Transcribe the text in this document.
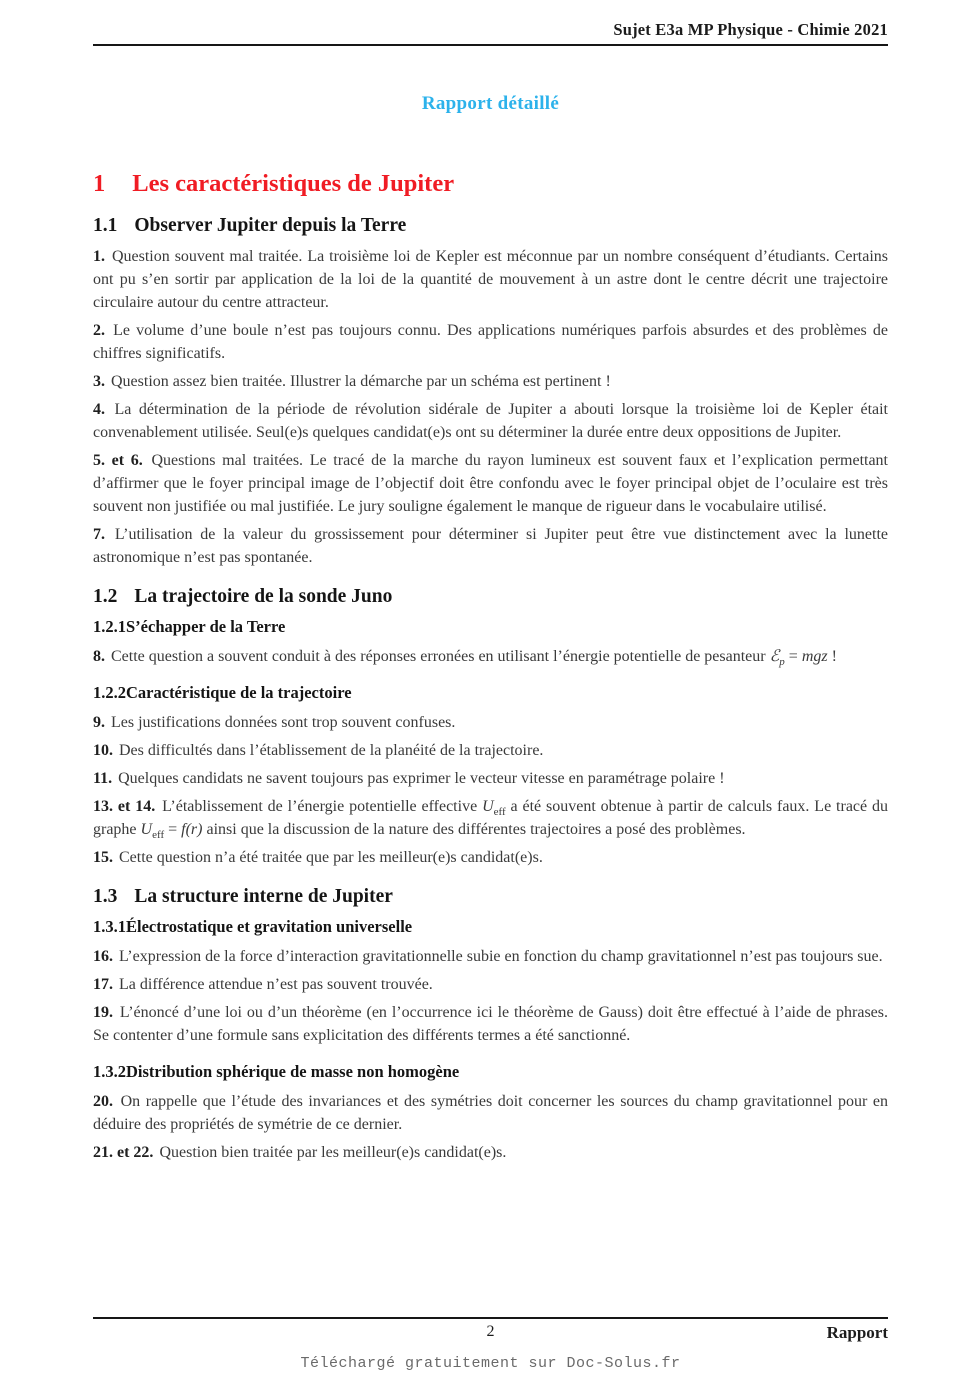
Sujet E3a MP Physique - Chimie 2021
Rapport détaillé
1 Les caractéristiques de Jupiter
1.1 Observer Jupiter depuis la Terre

1. Question souvent mal traitée. La troisième loi de Kepler est méconnue par un nombre conséquent d’étudiants. Certains ont pu s’en sortir par application de la loi de la quantité de mouvement à un astre dont le centre décrit une trajectoire circulaire autour du centre attracteur.

2. Le volume d’une boule n’est pas toujours connu. Des applications numériques parfois absurdes et des problèmes de chiffres significatifs.

3. Question assez bien traitée. Illustrer la démarche par un schéma est pertinent !

4. La détermination de la période de révolution sidérale de Jupiter a abouti lorsque la troisième loi de Kepler était convenablement utilisée. Seul(e)s quelques candidat(e)s ont su déterminer la durée entre deux oppositions de Jupiter.

5. et 6. Questions mal traitées. Le tracé de la marche du rayon lumineux est souvent faux et l’explication permettant d’affirmer que le foyer principal image de l’objectif doit être confondu avec le foyer principal objet de l’oculaire est très souvent non justifiée ou mal justifiée. Le jury souligne également le manque de rigueur dans le vocabulaire utilisé.

7. L’utilisation de la valeur du grossissement pour déterminer si Jupiter peut être vue distinctement avec la lunette astronomique n’est pas spontanée.

1.2 La trajectoire de la sonde Juno
1.2.1S’échapper de la Terre

8. Cette question a souvent conduit à des réponses erronées en utilisant l’énergie potentielle de pesanteur ℰ$_p$ = mgz !

1.2.2Caractéristique de la trajectoire

9. Les justifications données sont trop souvent confuses.

10. Des difficultés dans l’établissement de la planéité de la trajectoire.

11. Quelques candidats ne savent toujours pas exprimer le vecteur vitesse en paramétrage polaire !

13. et 14. L’établissement de l’énergie potentielle effective $U_{eff}$ a été souvent obtenue à partir de calculs faux. Le tracé du graphe $U_{eff} = f(r)$ ainsi que la discussion de la nature des différentes trajectoires a posé des problèmes.

15. Cette question n’a été traitée que par les meilleur(e)s candidat(e)s.

1.3 La structure interne de Jupiter
1.3.1Électrostatique et gravitation universelle

16. L’expression de la force d’interaction gravitationnelle subie en fonction du champ gravitationnel n’est pas toujours sue.

17. La différence attendue n’est pas souvent trouvée.

19. L’énoncé d’une loi ou d’un théorème (en l’occurrence ici le théorème de Gauss) doit être effectué à l’aide de phrases. Se contenter d’une formule sans explicitation des différents termes a été sanctionné.

1.3.2Distribution sphérique de masse non homogène

20. On rappelle que l’étude des invariances et des symétries doit concerner les sources du champ gravitationnel pour en déduire des propriétés de symétrie de ce dernier.

21. et 22. Question bien traitée par les meilleur(e)s candidat(e)s.

2	Rapport
Téléchargé gratuitement sur Doc-Solus.fr
